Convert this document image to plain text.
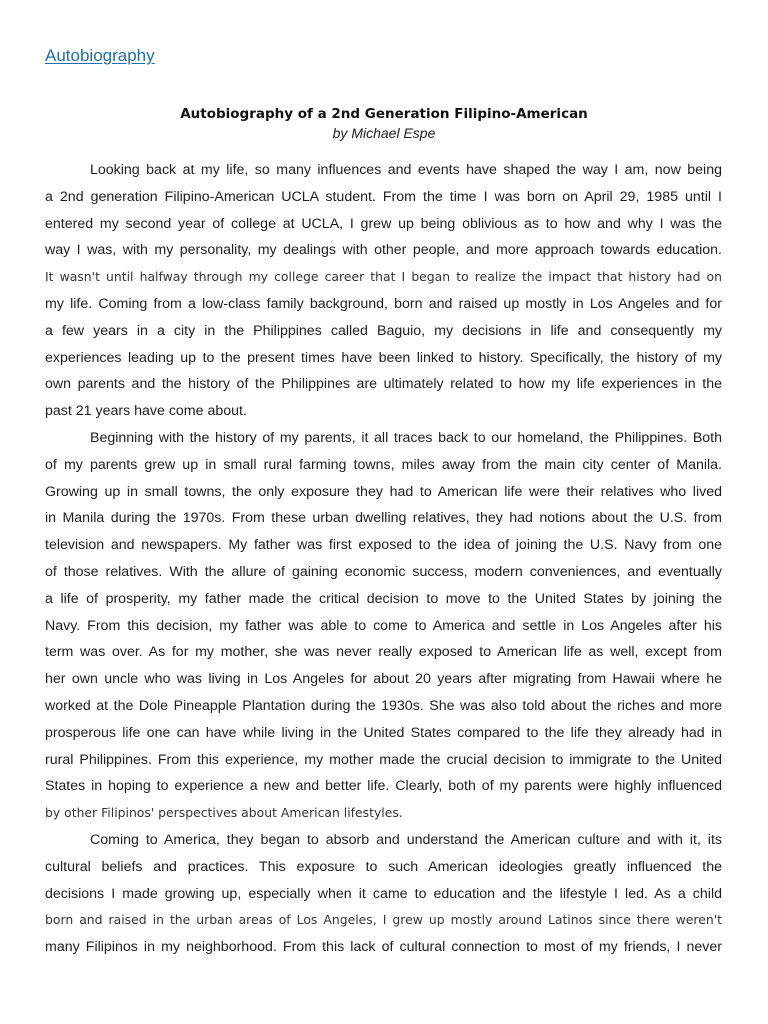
Autobiography
Autobiography of a 2nd Generation Filipino-American
by Michael Espe
Looking back at my life, so many influences and events have shaped the way I am, now being
a 2nd generation Filipino-American UCLA student. From the time I was born on April 29, 1985 until I
entered my second year of college at UCLA, I grew up being oblivious as to how and why I was the
way I was, with my personality, my dealings with other people, and more approach towards education.
It wasn't until halfway through my college career that I began to realize the impact that history had on
my life. Coming from a low-class family background, born and raised up mostly in Los Angeles and for
a few years in a city in the Philippines called Baguio, my decisions in life and consequently my
experiences leading up to the present times have been linked to history. Specifically, the history of my
own parents and the history of the Philippines are ultimately related to how my life experiences in the
past 21 years have come about.
Beginning with the history of my parents, it all traces back to our homeland, the Philippines. Both
of my parents grew up in small rural farming towns, miles away from the main city center of Manila.
Growing up in small towns, the only exposure they had to American life were their relatives who lived
in Manila during the 1970s. From these urban dwelling relatives, they had notions about the U.S. from
television and newspapers. My father was first exposed to the idea of joining the U.S. Navy from one
of those relatives. With the allure of gaining economic success, modern conveniences, and eventually
a life of prosperity, my father made the critical decision to move to the United States by joining the
Navy. From this decision, my father was able to come to America and settle in Los Angeles after his
term was over. As for my mother, she was never really exposed to American life as well, except from
her own uncle who was living in Los Angeles for about 20 years after migrating from Hawaii where he
worked at the Dole Pineapple Plantation during the 1930s. She was also told about the riches and more
prosperous life one can have while living in the United States compared to the life they already had in
rural Philippines. From this experience, my mother made the crucial decision to immigrate to the United
States in hoping to experience a new and better life. Clearly, both of my parents were highly influenced
by other Filipinos' perspectives about American lifestyles.
Coming to America, they began to absorb and understand the American culture and with it, its
cultural beliefs and practices. This exposure to such American ideologies greatly influenced the
decisions I made growing up, especially when it came to education and the lifestyle I led. As a child
born and raised in the urban areas of Los Angeles, I grew up mostly around Latinos since there weren't
many Filipinos in my neighborhood. From this lack of cultural connection to most of my friends, I never
